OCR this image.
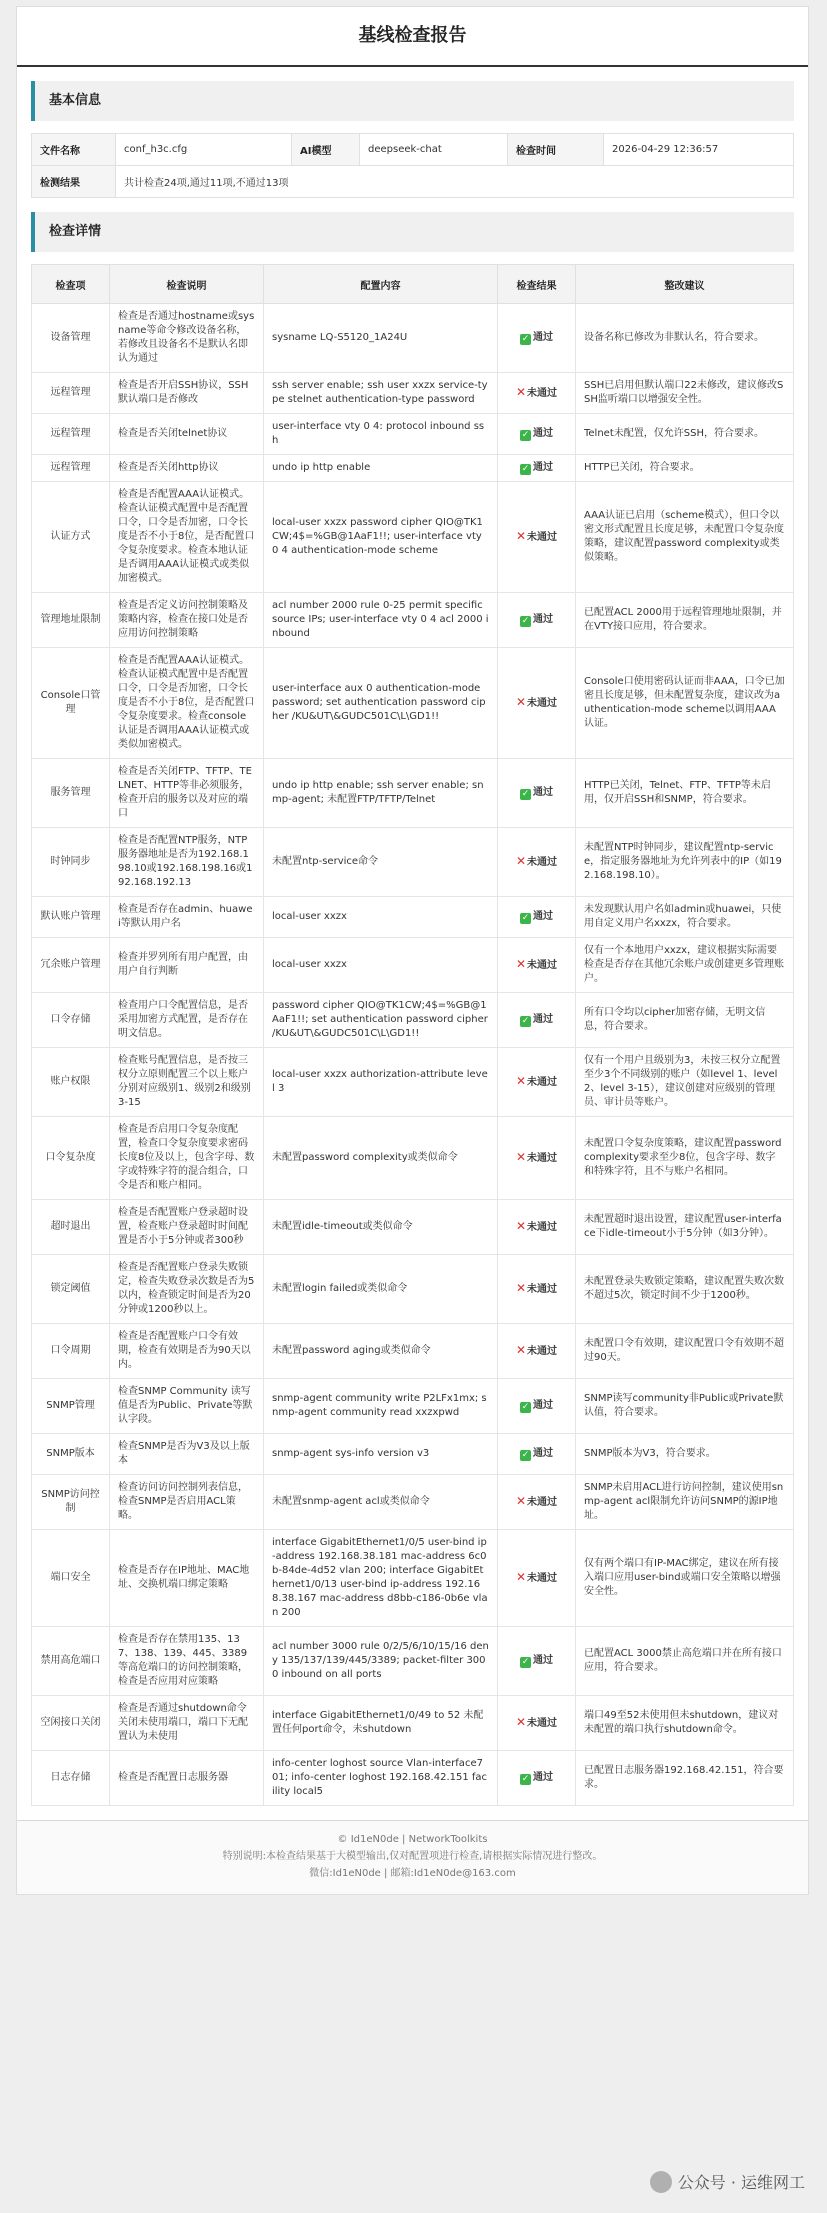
基线检查报告
基本信息
文件名称	conf_h3c.cfg	AI模型	deepseek-chat	检查时间	2026-04-29 12:36:57
检测结果	共计检查24项,通过11项,不通过13项				
检查详情
检查项	检查说明	配置内容	检查结果	整改建议
设备管理	检查是否通过hostname或sysname等命令修改设备名称，若修改且设备名不是默认名即认为通过	sysname LQ-S5120_1A24U	✓ 通过	设备名称已修改为非默认名，符合要求。
远程管理	检查是否开启SSH协议，SSH默认端口是否修改	ssh server enable; ssh user xxzx service-type stelnet authentication-type password	✕未通过	SSH已启用但默认端口22未修改，建议修改SSH监听端口以增强安全性。
远程管理	检查是否关闭telnet协议	user-interface vty 0 4: protocol inbound ssh	✓ 通过	Telnet未配置，仅允许SSH，符合要求。
远程管理	检查是否关闭http协议	undo ip http enable	✓ 通过	HTTP已关闭，符合要求。
认证方式	检查是否配置AAA认证模式。检查认证模式配置中是否配置口令，口令是否加密，口令长度是否不小于8位，是否配置口令复杂度要求。检查本地认证是否调用AAA认证模式或类似加密模式。	local-user xxzx password cipher QIO@TK1CW;4$=%GB@1AaF1!!; user-interface vty 0 4 authentication-mode scheme	✕未通过	AAA认证已启用（scheme模式），但口令以密文形式配置且长度足够，未配置口令复杂度策略，建议配置password complexity或类似策略。
管理地址限制	检查是否定义访问控制策略及策略内容，检查在接口处是否应用访问控制策略	acl number 2000 rule 0-25 permit specific source IPs; user-interface vty 0 4 acl 2000 inbound	✓ 通过	已配置ACL 2000用于远程管理地址限制，并在VTY接口应用，符合要求。
Console口管理	检查是否配置AAA认证模式。检查认证模式配置中是否配置口令，口令是否加密，口令长度是否不小于8位，是否配置口令复杂度要求。检查console认证是否调用AAA认证模式或类似加密模式。	user-interface aux 0 authentication-mode password; set authentication password cipher /KU&UT\&GUDC501C\L\GD1!!	✕未通过	Console口使用密码认证而非AAA，口令已加密且长度足够，但未配置复杂度，建议改为authentication-mode scheme以调用AAA认证。
服务管理	检查是否关闭FTP、TFTP、TELNET、HTTP等非必须服务，检查开启的服务以及对应的端口	undo ip http enable; ssh server enable; snmp-agent; 未配置FTP/TFTP/Telnet	✓ 通过	HTTP已关闭，Telnet、FTP、TFTP等未启用，仅开启SSH和SNMP，符合要求。
时钟同步	检查是否配置NTP服务，NTP服务器地址是否为192.168.198.10或192.168.198.16或192.168.192.13	未配置ntp-service命令	✕未通过	未配置NTP时钟同步，建议配置ntp-service，指定服务器地址为允许列表中的IP（如192.168.198.10）。
默认账户管理	检查是否存在admin、huawei等默认用户名	local-user xxzx	✓ 通过	未发现默认用户名如admin或huawei，只使用自定义用户名xxzx，符合要求。
冗余账户管理	检查并罗列所有用户配置，由用户自行判断	local-user xxzx	✕未通过	仅有一个本地用户xxzx，建议根据实际需要检查是否存在其他冗余账户或创建更多管理账户。
口令存储	检查用户口令配置信息，是否采用加密方式配置，是否存在明文信息。	password cipher QIO@TK1CW;4$=%GB@1AaF1!!; set authentication password cipher /KU&UT\&GUDC501C\L\GD1!!	✓ 通过	所有口令均以cipher加密存储，无明文信息，符合要求。
账户权限	检查账号配置信息，是否按三权分立原则配置三个以上账户分别对应级别1、级别2和级别3-15	local-user xxzx authorization-attribute level 3	✕未通过	仅有一个用户且级别为3，未按三权分立配置至少3个不同级别的账户（如level 1、level 2、level 3-15），建议创建对应级别的管理员、审计员等账户。
口令复杂度	检查是否启用口令复杂度配置，检查口令复杂度要求密码长度8位及以上，包含字母、数字或特殊字符的混合组合，口令是否和账户相同。	未配置password complexity或类似命令	✕未通过	未配置口令复杂度策略，建议配置password complexity要求至少8位，包含字母、数字和特殊字符，且不与账户名相同。
超时退出	检查是否配置账户登录超时设置，检查账户登录超时时间配置是否小于5分钟或者300秒	未配置idle-timeout或类似命令	✕未通过	未配置超时退出设置，建议配置user-interface下idle-timeout小于5分钟（如3分钟）。
锁定阈值	检查是否配置账户登录失败锁定，检查失败登录次数是否为5以内，检查锁定时间是否为20分钟或1200秒以上。	未配置login failed或类似命令	✕未通过	未配置登录失败锁定策略，建议配置失败次数不超过5次，锁定时间不少于1200秒。
口令周期	检查是否配置账户口令有效期，检查有效期是否为90天以内。	未配置password aging或类似命令	✕未通过	未配置口令有效期，建议配置口令有效期不超过90天。
SNMP管理	检查SNMP Community 读写值是否为Public、Private等默认字段。	snmp-agent community write P2LFx1mx; snmp-agent community read xxzxpwd	✓ 通过	SNMP读写community非Public或Private默认值，符合要求。
SNMP版本	检查SNMP是否为V3及以上版本	snmp-agent sys-info version v3	✓ 通过	SNMP版本为V3，符合要求。
SNMP访问控制	检查访问访问控制列表信息，检查SNMP是否启用ACL策略。	未配置snmp-agent acl或类似命令	✕未通过	SNMP未启用ACL进行访问控制，建议使用snmp-agent acl限制允许访问SNMP的源IP地址。
端口安全	检查是否存在IP地址、MAC地址、交换机端口绑定策略	interface GigabitEthernet1/0/5 user-bind ip-address 192.168.38.181 mac-address 6c0b-84de-4d52 vlan 200; interface GigabitEthernet1/0/13 user-bind ip-address 192.168.38.167 mac-address d8bb-c186-0b6e vlan 200	✕未通过	仅有两个端口有IP-MAC绑定，建议在所有接入端口应用user-bind或端口安全策略以增强安全性。
禁用高危端口	检查是否存在禁用135、137、138、139、445、3389等高危端口的访问控制策略，检查是否应用对应策略	acl number 3000 rule 0/2/5/6/10/15/16 deny 135/137/139/445/3389; packet-filter 3000 inbound on all ports	✓ 通过	已配置ACL 3000禁止高危端口并在所有接口应用，符合要求。
空闲接口关闭	检查是否通过shutdown命令关闭未使用端口，端口下无配置认为未使用	interface GigabitEthernet1/0/49 to 52 未配置任何port命令，未shutdown	✕未通过	端口49至52未使用但未shutdown，建议对未配置的端口执行shutdown命令。
日志存储	检查是否配置日志服务器	info-center loghost source Vlan-interface701; info-center loghost 192.168.42.151 facility local5	✓ 通过	已配置日志服务器192.168.42.151，符合要求。
© Id1eN0de | NetworkToolkits
特别说明:本检查结果基于大模型输出,仅对配置项进行检查,请根据实际情况进行整改。
微信:Id1eN0de | 邮箱:Id1eN0de@163.com
公众号 · 运维网工
